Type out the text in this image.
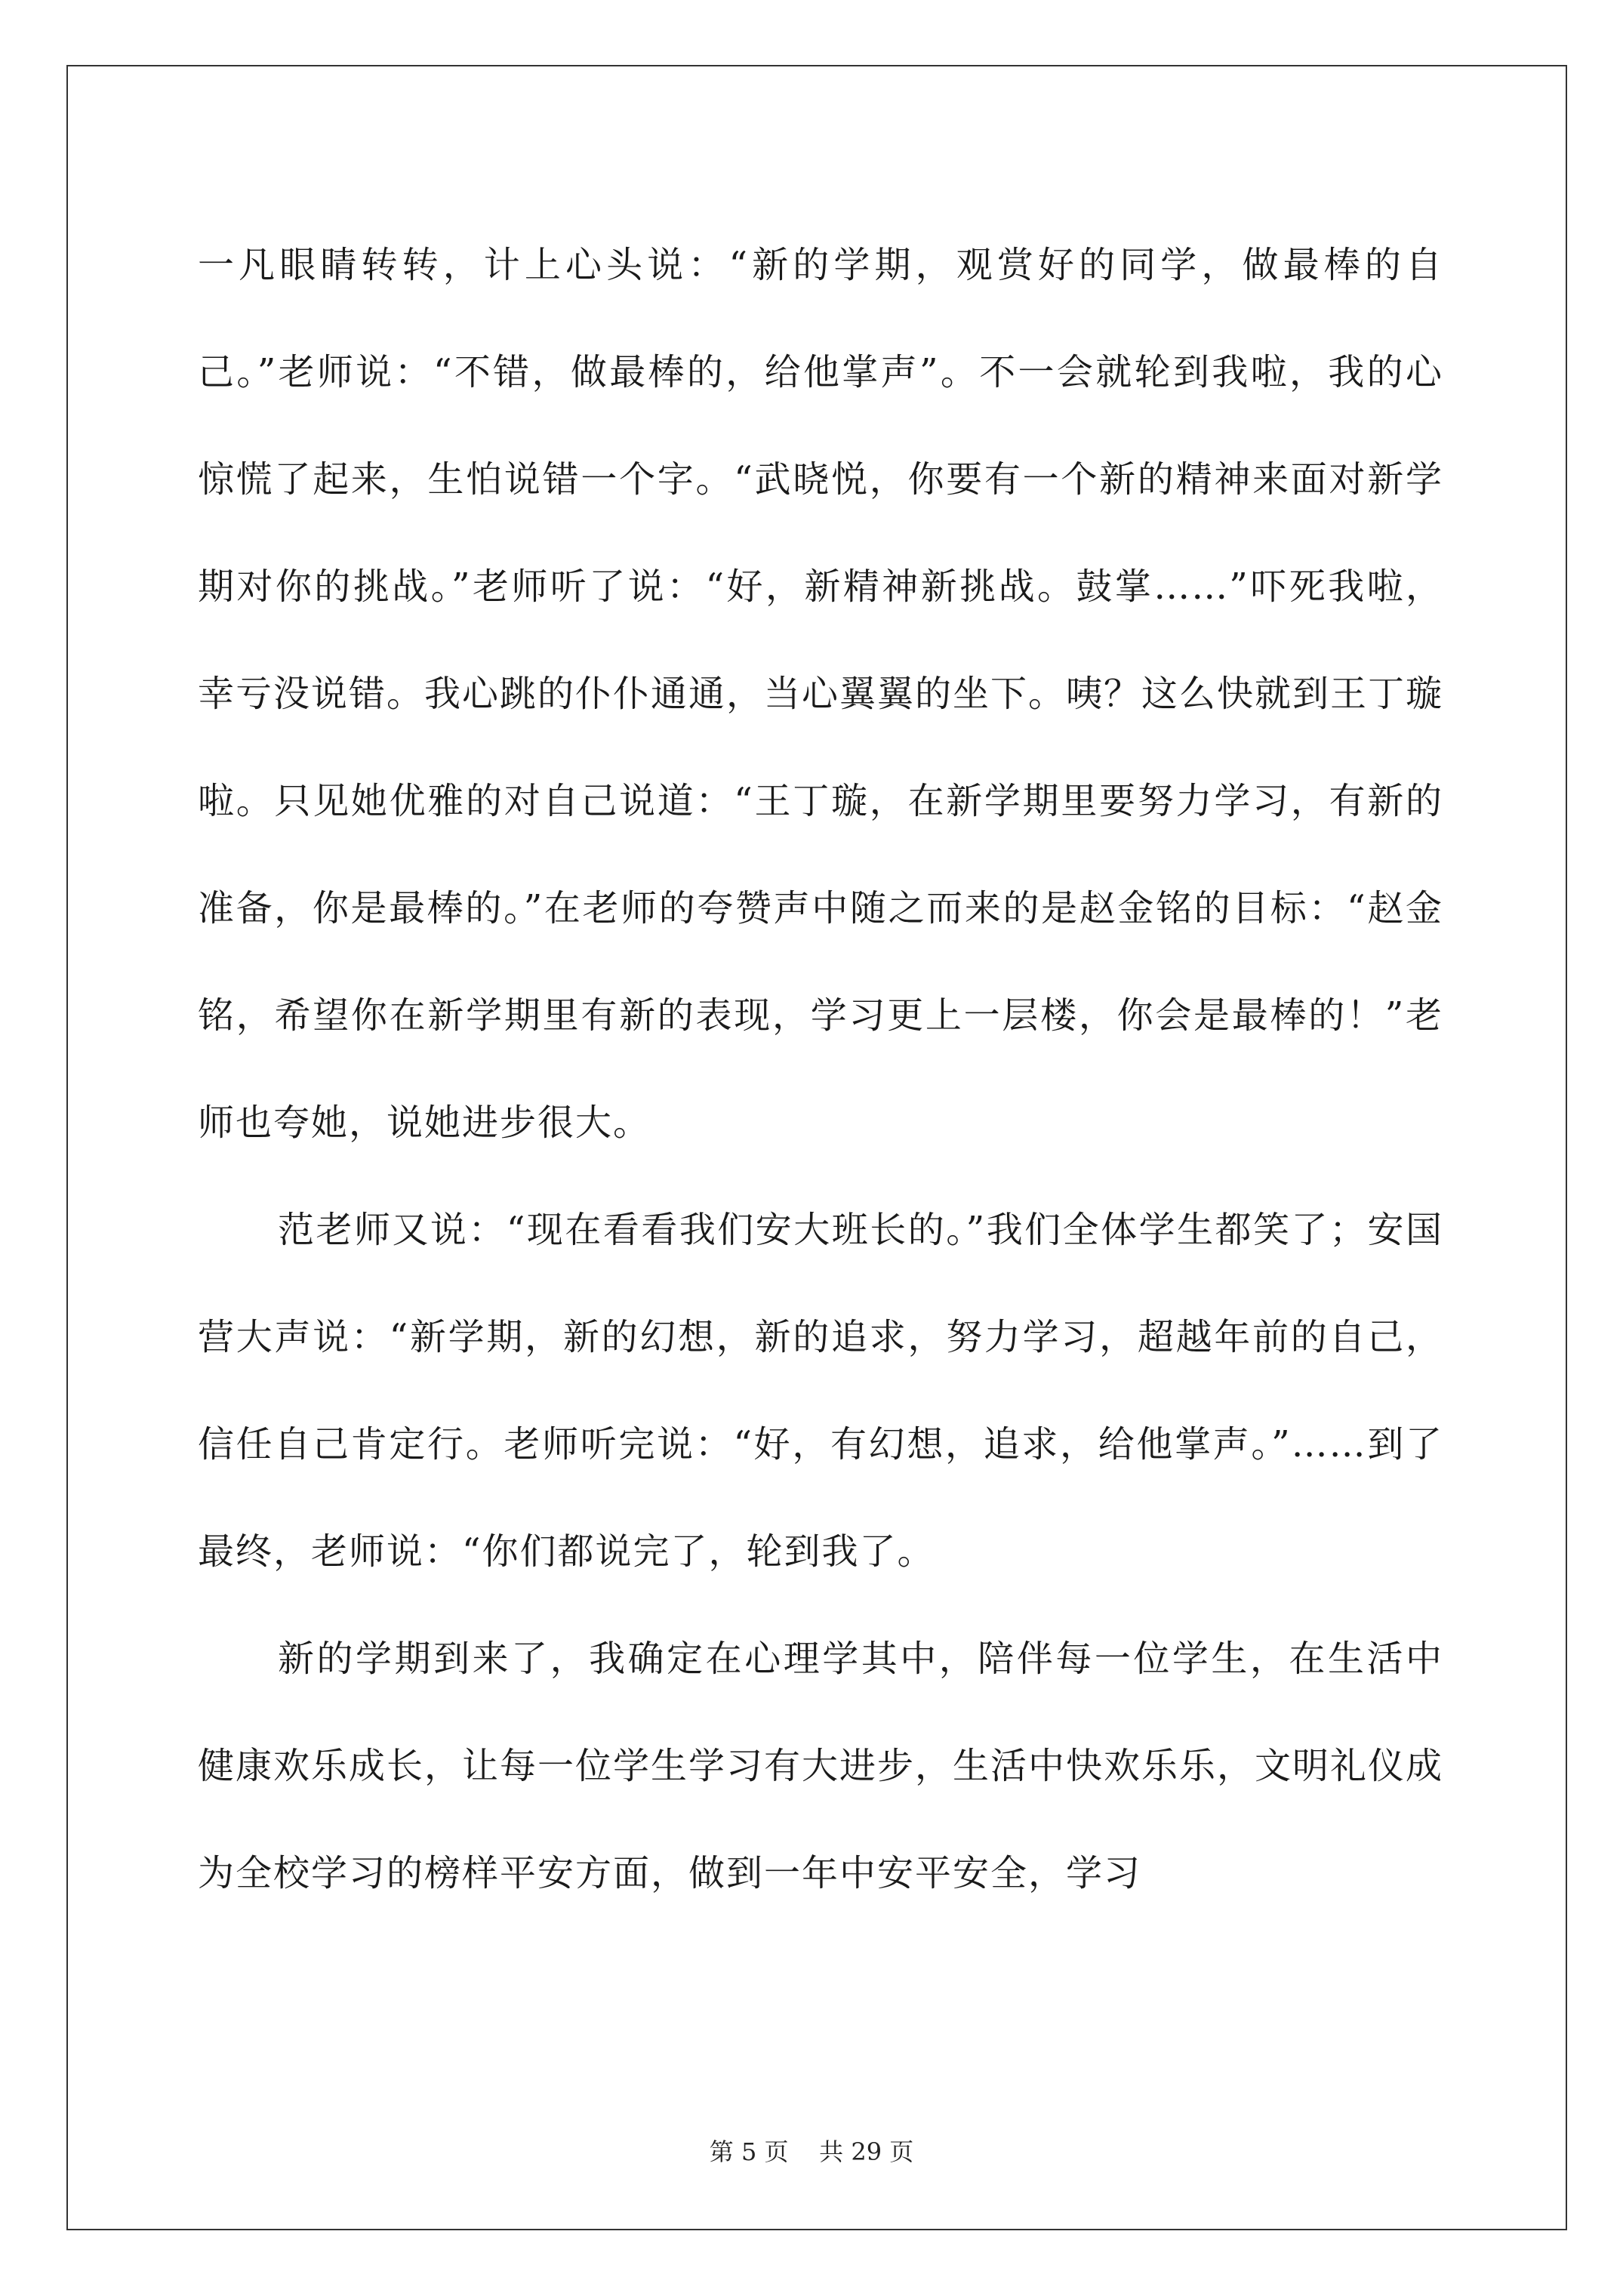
一凡眼睛转转，计上心头说：“新的学期，观赏好的同学，做最棒的自己。”老师说：“不错，做最棒的，给他掌声”。不一会就轮到我啦，我的心惊慌了起来，生怕说错一个字。“武晓悦，你要有一个新的精神来面对新学期对你的挑战。”老师听了说：“好，新精神新挑战。鼓掌……”吓死我啦，幸亏没说错。我心跳的仆仆通通，当心翼翼的坐下。咦？这么快就到王丁璇啦。只见她优雅的对自己说道：“王丁璇，在新学期里要努力学习，有新的准备，你是最棒的。”在老师的夸赞声中随之而来的是赵金铭的目标：“赵金铭，希望你在新学期里有新的表现，学习更上一层楼，你会是最棒的！”老师也夸她，说她进步很大。

范老师又说：“现在看看我们安大班长的。”我们全体学生都笑了；安国营大声说：“新学期，新的幻想，新的追求，努力学习，超越年前的自己，信任自己肯定行。老师听完说：“好，有幻想，追求，给他掌声。”……到了最终，老师说：“你们都说完了，轮到我了。

新的学期到来了，我确定在心理学其中，陪伴每一位学生，在生活中健康欢乐成长，让每一位学生学习有大进步，生活中快欢乐乐，文明礼仪成为全校学习的榜样平安方面，做到一年中安平安全，学习

第 5 页    共 29 页
